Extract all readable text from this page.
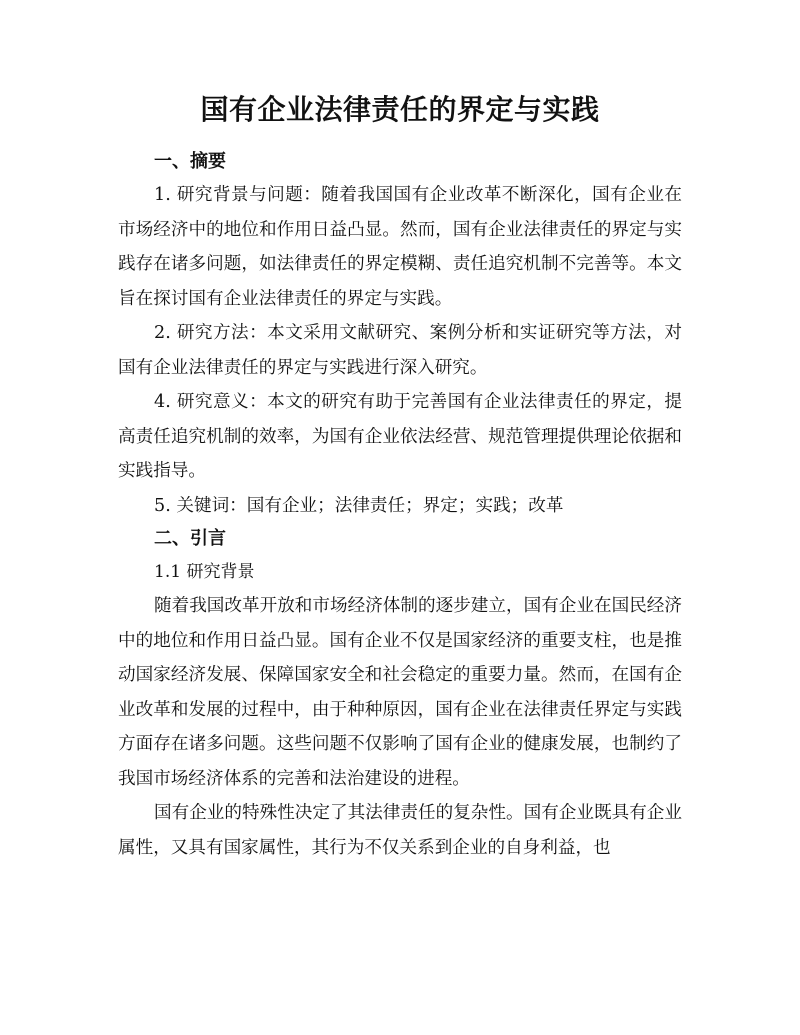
国有企业法律责任的界定与实践
一、摘要

1. 研究背景与问题：随着我国国有企业改革不断深化，国有企业在市场经济中的地位和作用日益凸显。然而，国有企业法律责任的界定与实践存在诸多问题，如法律责任的界定模糊、责任追究机制不完善等。本文旨在探讨国有企业法律责任的界定与实践。

2. 研究方法：本文采用文献研究、案例分析和实证研究等方法，对国有企业法律责任的界定与实践进行深入研究。

4. 研究意义：本文的研究有助于完善国有企业法律责任的界定，提高责任追究机制的效率，为国有企业依法经营、规范管理提供理论依据和实践指导。

5. 关键词：国有企业；法律责任；界定；实践；改革

二、引言

1.1 研究背景

随着我国改革开放和市场经济体制的逐步建立，国有企业在国民经济中的地位和作用日益凸显。国有企业不仅是国家经济的重要支柱，也是推动国家经济发展、保障国家安全和社会稳定的重要力量。然而，在国有企业改革和发展的过程中，由于种种原因，国有企业在法律责任界定与实践方面存在诸多问题。这些问题不仅影响了国有企业的健康发展，也制约了我国市场经济体系的完善和法治建设的进程。

国有企业的特殊性决定了其法律责任的复杂性。国有企业既具有企业属性，又具有国家属性，其行为不仅关系到企业的自身利益，也
